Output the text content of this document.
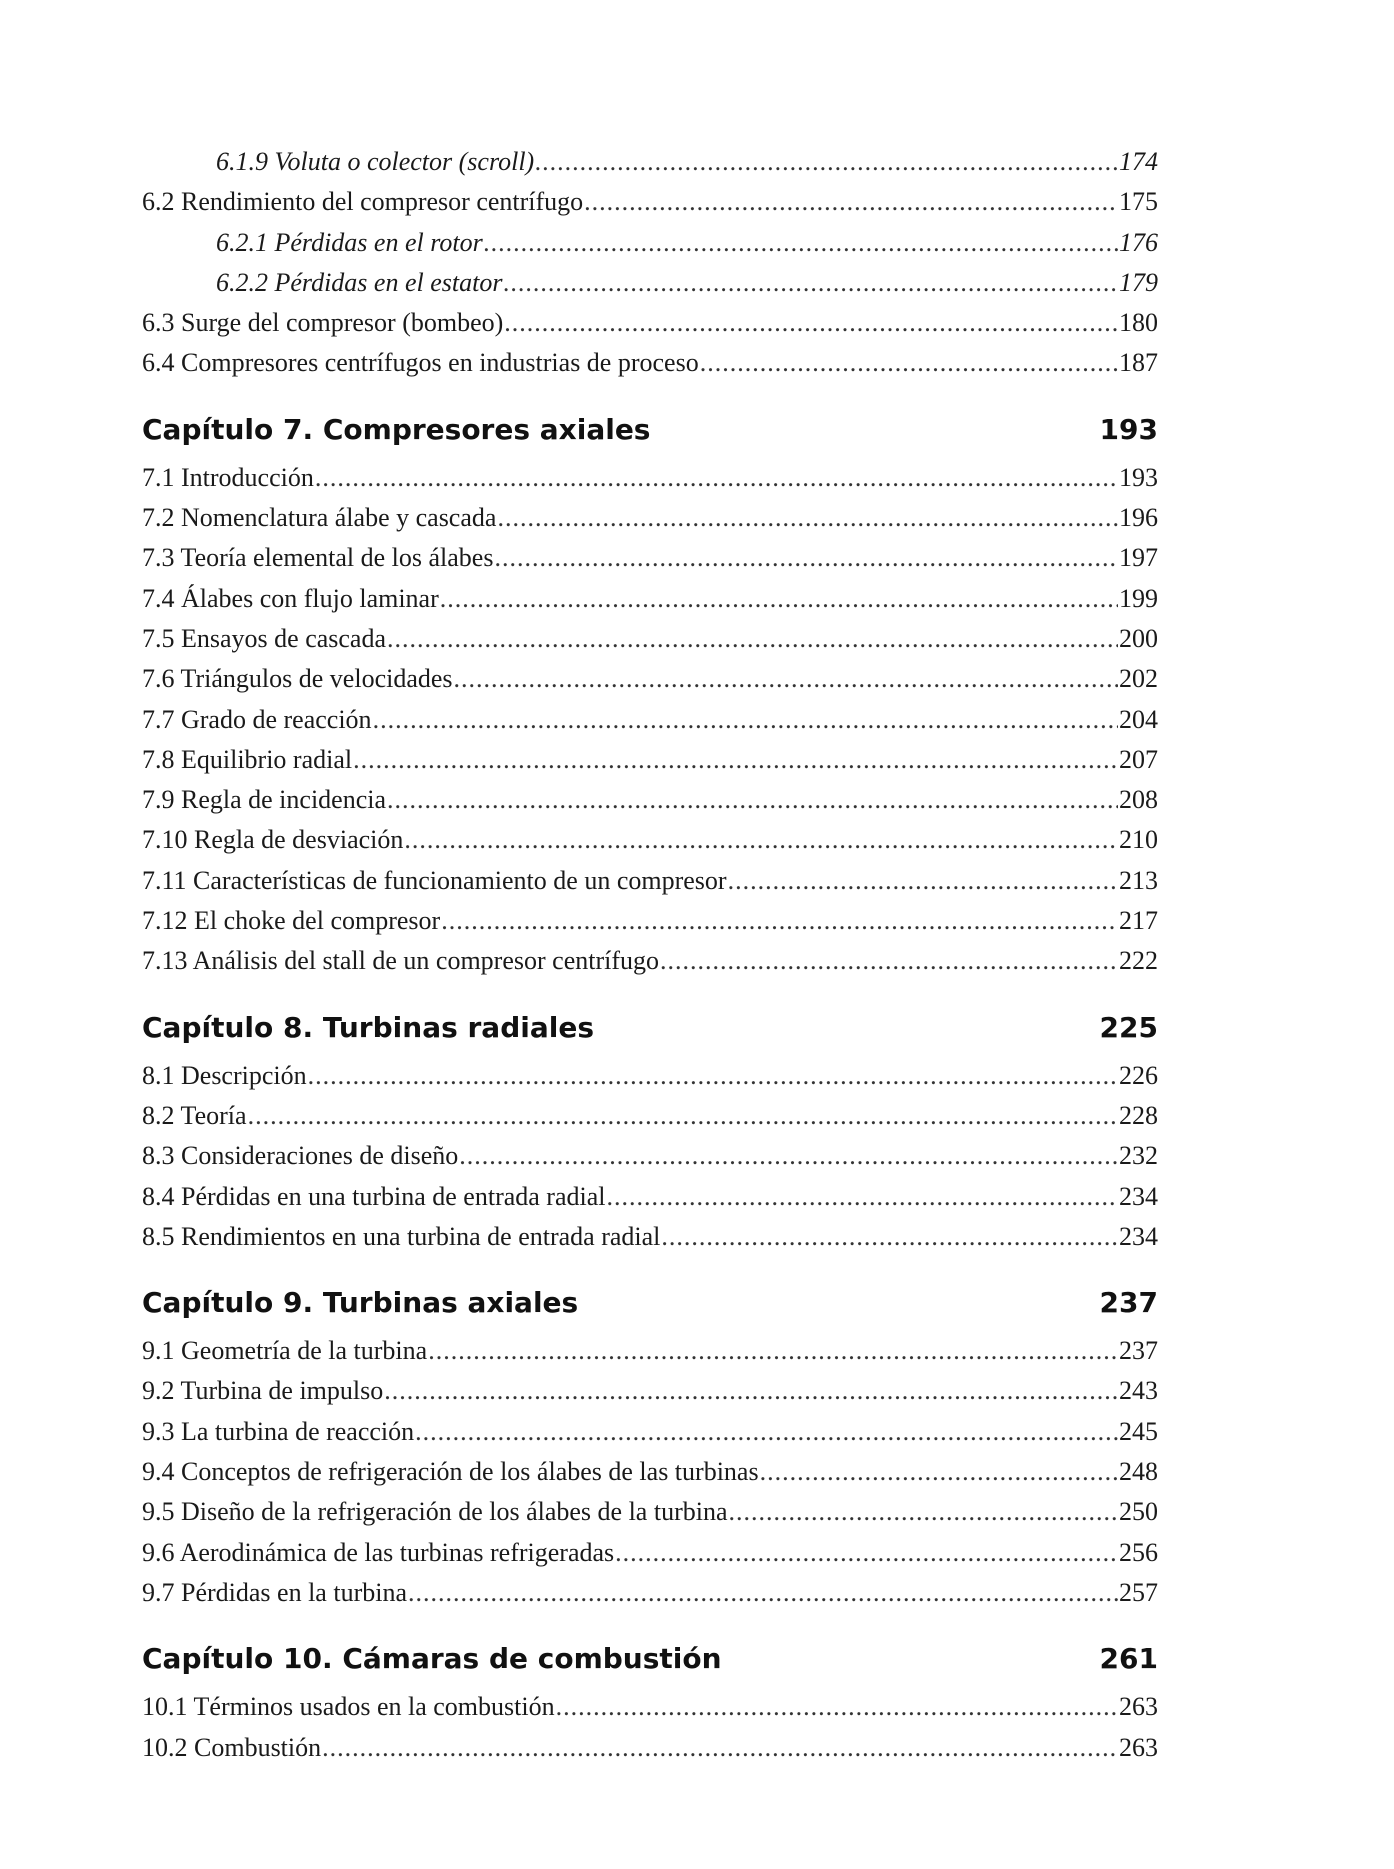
6.1.9 Voluta o colector (scroll) .....	174
6.2 Rendimiento del compresor centrífugo .....	175
6.2.1 Pérdidas en el rotor .....	176
6.2.2 Pérdidas en el estator .....	179
6.3 Surge del compresor (bombeo) .....	180
6.4 Compresores centrífugos en industrias de proceso .....	187
Capítulo 7. Compresores axiales	193
7.1 Introducción .....	193
7.2 Nomenclatura álabe y cascada .....	196
7.3 Teoría elemental de los álabes .....	197
7.4 Álabes con flujo laminar .....	199
7.5 Ensayos de cascada .....	200
7.6 Triángulos de velocidades .....	202
7.7 Grado de reacción .....	204
7.8 Equilibrio radial .....	207
7.9 Regla de incidencia .....	208
7.10 Regla de desviación .....	210
7.11 Características de funcionamiento de un compresor .....	213
7.12 El choke del compresor .....	217
7.13 Análisis del stall de un compresor centrífugo .....	222
Capítulo 8. Turbinas radiales	225
8.1 Descripción .....	226
8.2 Teoría .....	228
8.3 Consideraciones de diseño .....	232
8.4 Pérdidas en una turbina de entrada radial .....	234
8.5 Rendimientos en una turbina de entrada radial .....	234
Capítulo 9. Turbinas axiales	237
9.1 Geometría de la turbina .....	237
9.2 Turbina de impulso .....	243
9.3 La turbina de reacción .....	245
9.4 Conceptos de refrigeración de los álabes de las turbinas .....	248
9.5 Diseño de la refrigeración de los álabes de la turbina .....	250
9.6 Aerodinámica de las turbinas refrigeradas .....	256
9.7 Pérdidas en la turbina .....	257
Capítulo 10. Cámaras de combustión	261
10.1 Términos usados en la combustión .....	263
10.2 Combustión .....	263
